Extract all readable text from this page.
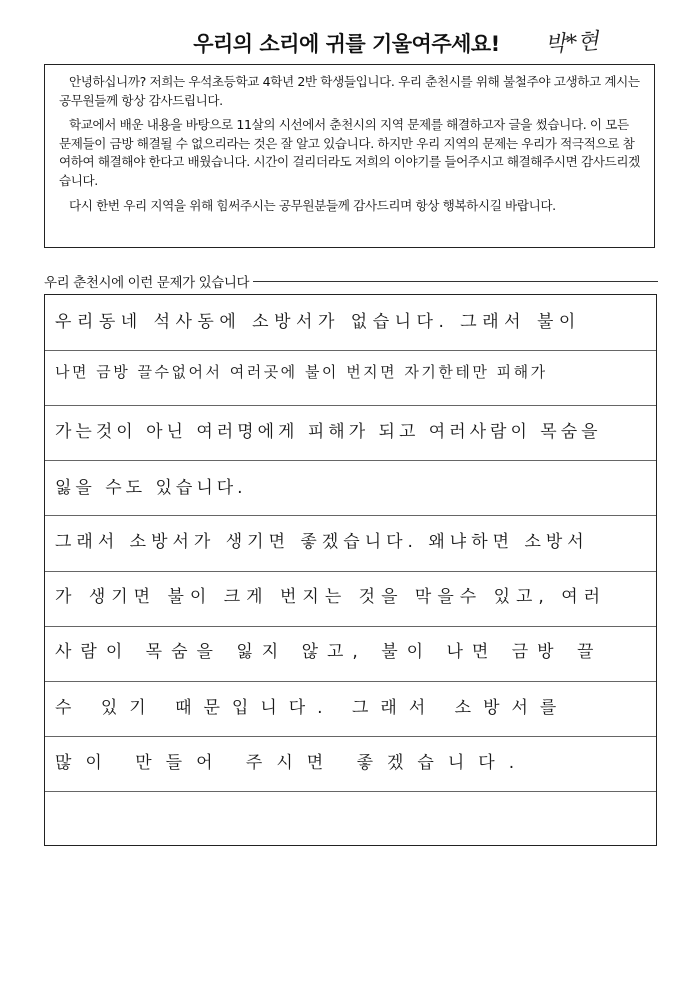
우리의 소리에 귀를 기울여주세요!	박*현

안녕하십니까? 저희는 우석초등학교 4학년 2반 학생들입니다. 우리 춘천시를 위해 불철주야 고생하고 계시는 공무원들께 항상 감사드립니다.

학교에서 배운 내용을 바탕으로 11살의 시선에서 춘천시의 지역 문제를 해결하고자 글을 썼습니다. 이 모든 문제들이 금방 해결될 수 없으리라는 것은 잘 알고 있습니다. 하지만 우리 지역의 문제는 우리가 적극적으로 참여하여 해결해야 한다고 배웠습니다. 시간이 걸리더라도 저희의 이야기를 들어주시고 해결해주시면 감사드리겠습니다.

다시 한번 우리 지역을 위해 힘써주시는 공무원분들께 감사드리며 항상 행복하시길 바랍니다.

우리 춘천시에 이런 문제가 있습니다
우리동네 석사동에 소방서가 없습니다. 그래서 불이
나면 금방 끌수없어서 여러곳에 불이 번지면 자기한테만 피해가
가는것이 아닌 여러명에게 피해가 되고 여러사람이 목숨을
잃을 수도 있습니다.
그래서 소방서가 생기면 좋겠습니다. 왜냐하면 소방서
가 생기면 불이 크게 번지는 것을 막을수 있고, 여러
사람이 목숨을 잃지 않고, 불이 나면 금방 끌
수 있기 때문입니다. 그래서 소방서를
많이 만들어 주시면 좋겠습니다.
